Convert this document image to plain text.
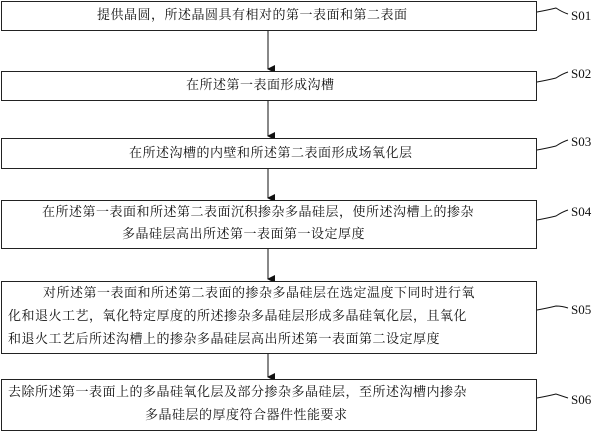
提供晶圆，所述晶圆具有相对的第一表面和第二表面	S01
在所述第一表面形成沟槽
S02
在所述沟槽的内壁和所述第二表面形成场氧化层
S03
在所述第一表面和所述第二表面沉积掺杂多晶硅层，使所述沟槽上的掺杂
多晶硅层高出所述第一表面第一设定厚度
S04
对所述第一表面和所述第二表面的掺杂多晶硅层在选定温度下同时进行氧
化和退火工艺，氧化特定厚度的所述掺杂多晶硅层形成多晶硅氧化层，且氧化
和退火工艺后所述沟槽上的掺杂多晶硅层高出所述第一表面第二设定厚度
S05
去除所述第一表面上的多晶硅氧化层及部分掺杂多晶硅层，至所述沟槽内掺杂
多晶硅层的厚度符合器件性能要求
S06
